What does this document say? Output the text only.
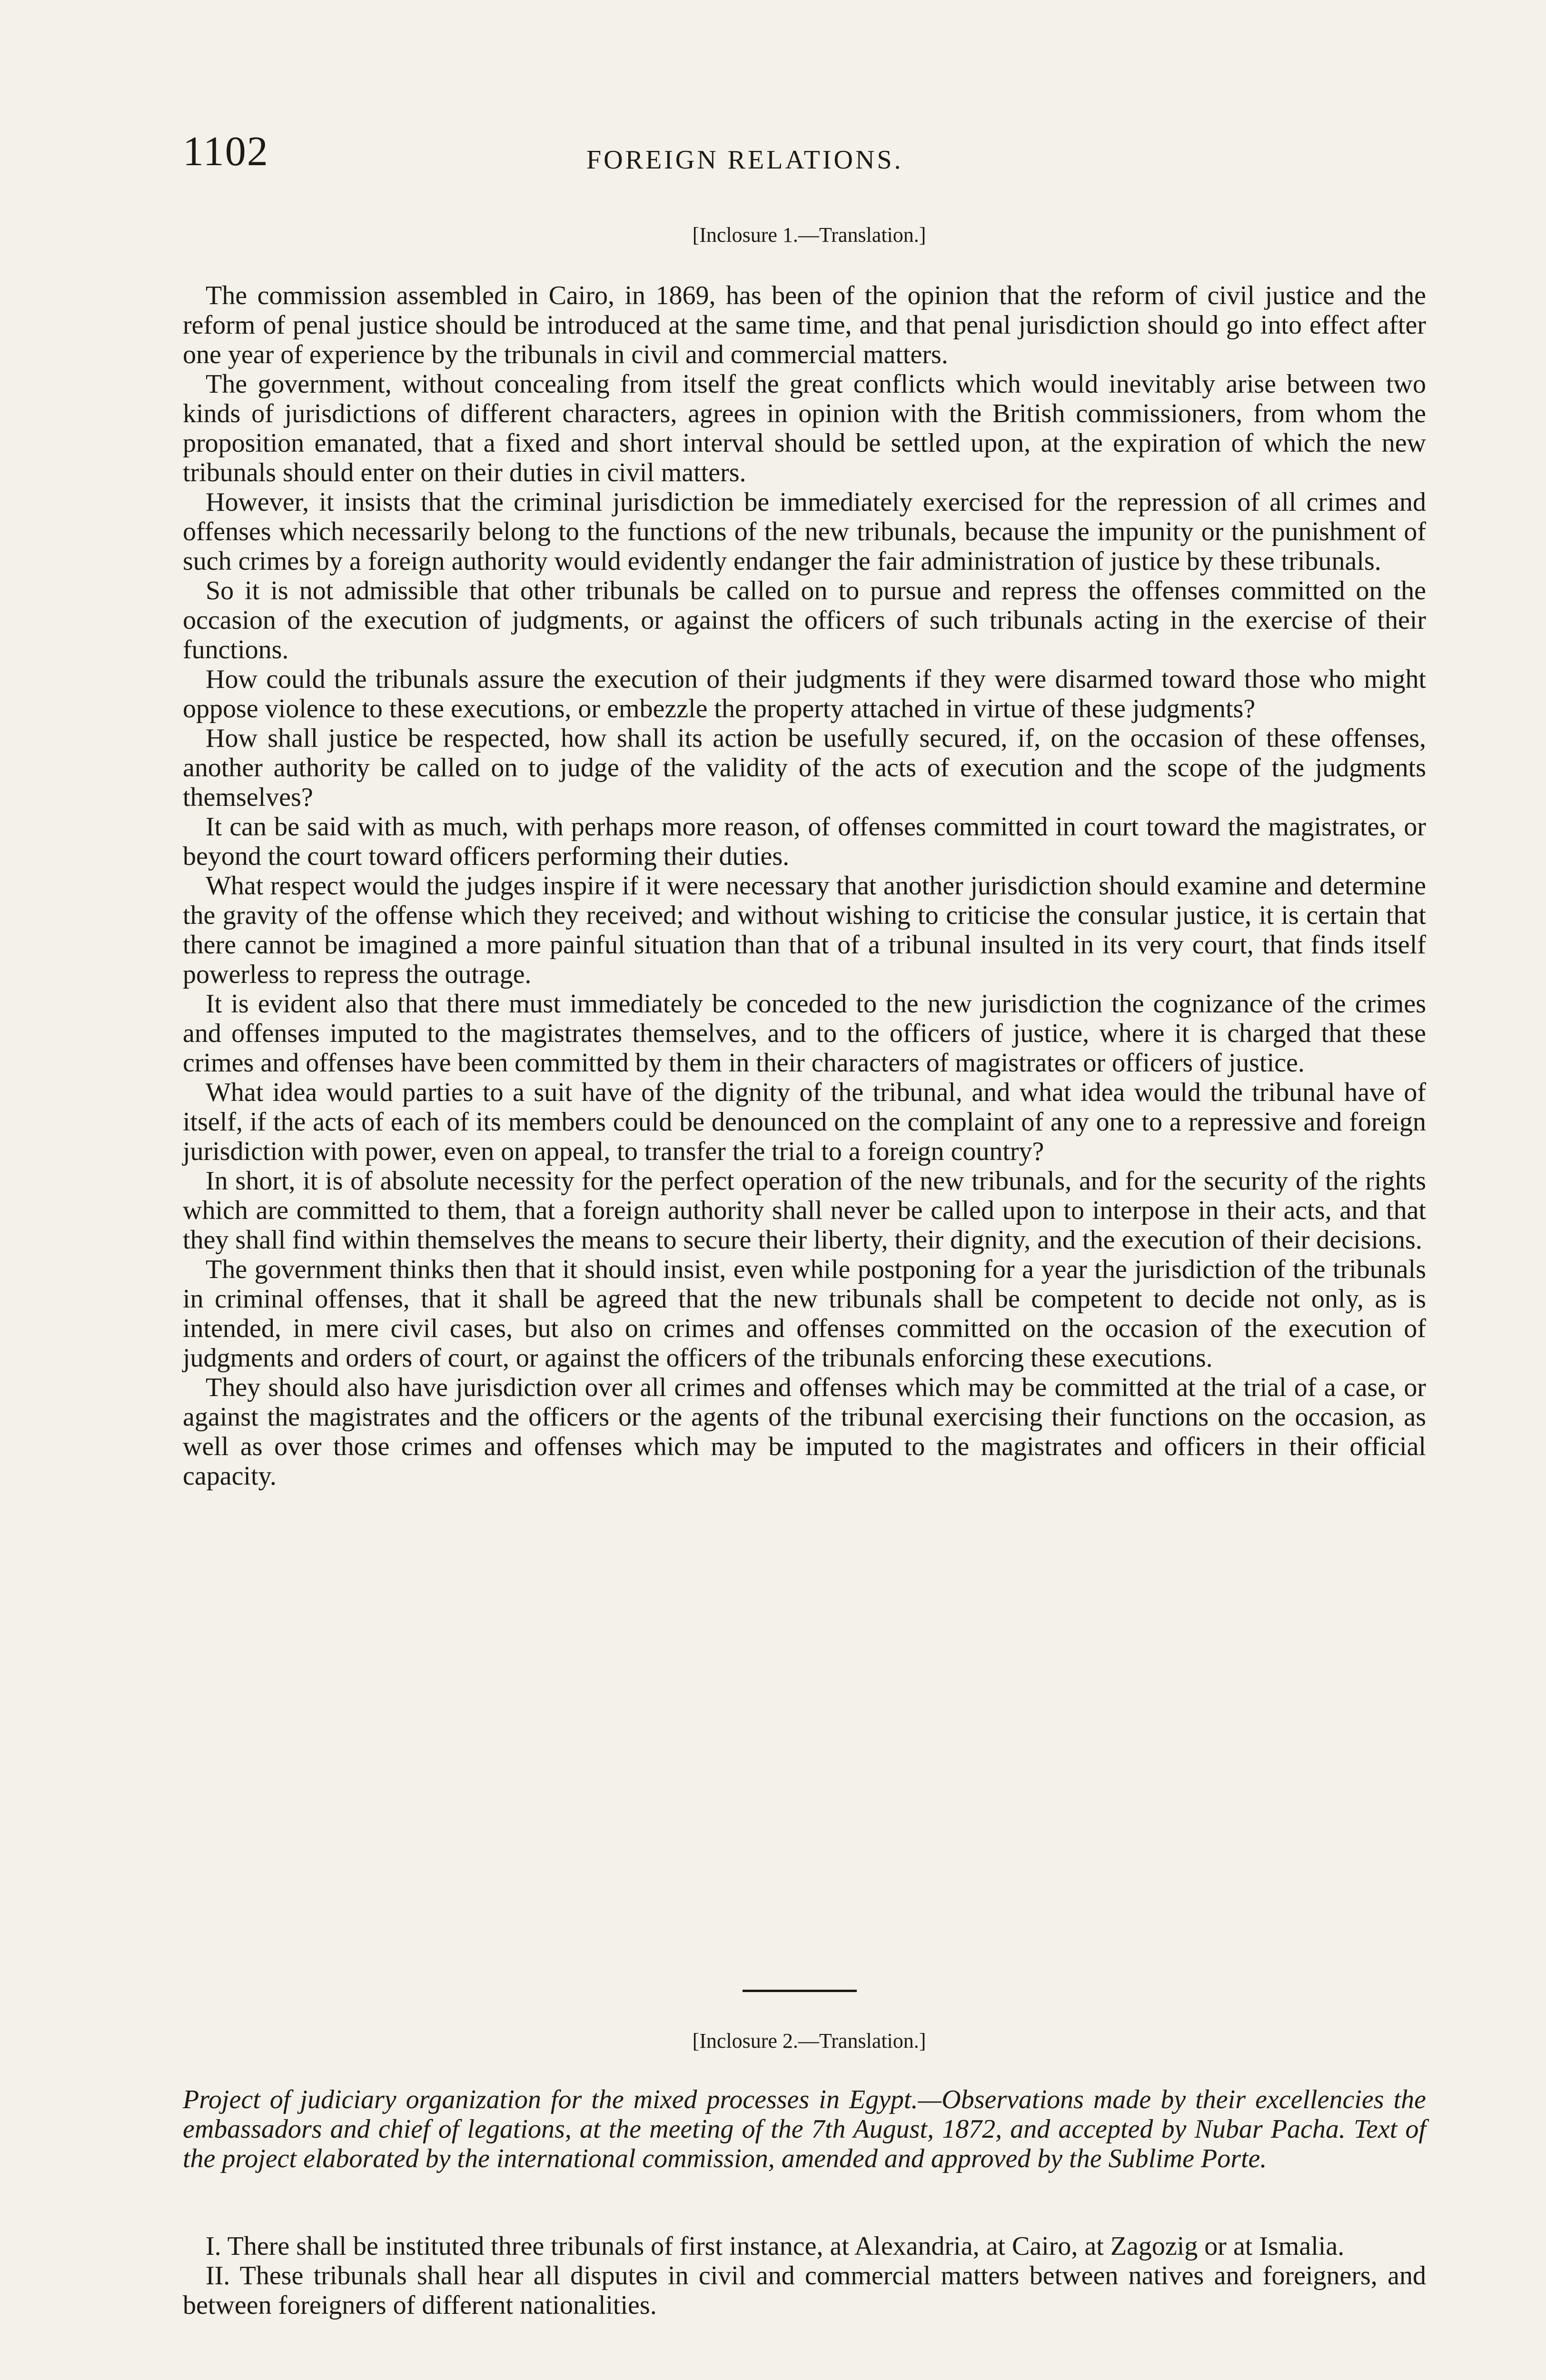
1102	FOREIGN RELATIONS.
[Inclosure 1.—Translation.]

The commission assembled in Cairo, in 1869, has been of the opinion that the reform of civil justice and the reform of penal justice should be introduced at the same time, and that penal jurisdiction should go into effect after one year of experience by the tribunals in civil and commercial matters.

The government, without concealing from itself the great conflicts which would inevitably arise between two kinds of jurisdictions of different characters, agrees in opinion with the British commissioners, from whom the proposition emanated, that a fixed and short interval should be settled upon, at the expiration of which the new tribunals should enter on their duties in civil matters.

However, it insists that the criminal jurisdiction be immediately exercised for the repression of all crimes and offenses which necessarily belong to the functions of the new tribunals, because the impunity or the punishment of such crimes by a foreign authority would evidently endanger the fair administration of justice by these tribunals.

So it is not admissible that other tribunals be called on to pursue and repress the offenses committed on the occasion of the execution of judgments, or against the officers of such tribunals acting in the exercise of their functions.

How could the tribunals assure the execution of their judgments if they were disarmed toward those who might oppose violence to these executions, or embezzle the property attached in virtue of these judgments?

How shall justice be respected, how shall its action be usefully secured, if, on the occasion of these offenses, another authority be called on to judge of the validity of the acts of execution and the scope of the judgments themselves?

It can be said with as much, with perhaps more reason, of offenses committed in court toward the magistrates, or beyond the court toward officers performing their duties.

What respect would the judges inspire if it were necessary that another jurisdiction should examine and determine the gravity of the offense which they received; and without wishing to criticise the consular justice, it is certain that there cannot be imagined a more painful situation than that of a tribunal insulted in its very court, that finds itself powerless to repress the outrage.

It is evident also that there must immediately be conceded to the new jurisdiction the cognizance of the crimes and offenses imputed to the magistrates themselves, and to the officers of justice, where it is charged that these crimes and offenses have been committed by them in their characters of magistrates or officers of justice.

What idea would parties to a suit have of the dignity of the tribunal, and what idea would the tribunal have of itself, if the acts of each of its members could be denounced on the complaint of any one to a repressive and foreign jurisdiction with power, even on appeal, to transfer the trial to a foreign country?

In short, it is of absolute necessity for the perfect operation of the new tribunals, and for the security of the rights which are committed to them, that a foreign authority shall never be called upon to interpose in their acts, and that they shall find within themselves the means to secure their liberty, their dignity, and the execution of their decisions.

The government thinks then that it should insist, even while postponing for a year the jurisdiction of the tribunals in criminal offenses, that it shall be agreed that the new tribunals shall be competent to decide not only, as is intended, in mere civil cases, but also on crimes and offenses committed on the occasion of the execution of judgments and orders of court, or against the officers of the tribunals enforcing these executions.

They should also have jurisdiction over all crimes and offenses which may be committed at the trial of a case, or against the magistrates and the officers or the agents of the tribunal exercising their functions on the occasion, as well as over those crimes and offenses which may be imputed to the magistrates and officers in their official capacity.

[Inclosure 2.—Translation.]
Project of judiciary organization for the mixed processes in Egypt.—Observations made by their excellencies the embassadors and chief of legations, at the meeting of the 7th August, 1872, and accepted by Nubar Pacha. Text of the project elaborated by the international commission, amended and approved by the Sublime Porte.

I. There shall be instituted three tribunals of first instance, at Alexandria, at Cairo, at Zagozig or at Ismalia.

II. These tribunals shall hear all disputes in civil and commercial matters between natives and foreigners, and between foreigners of different nationalities.
